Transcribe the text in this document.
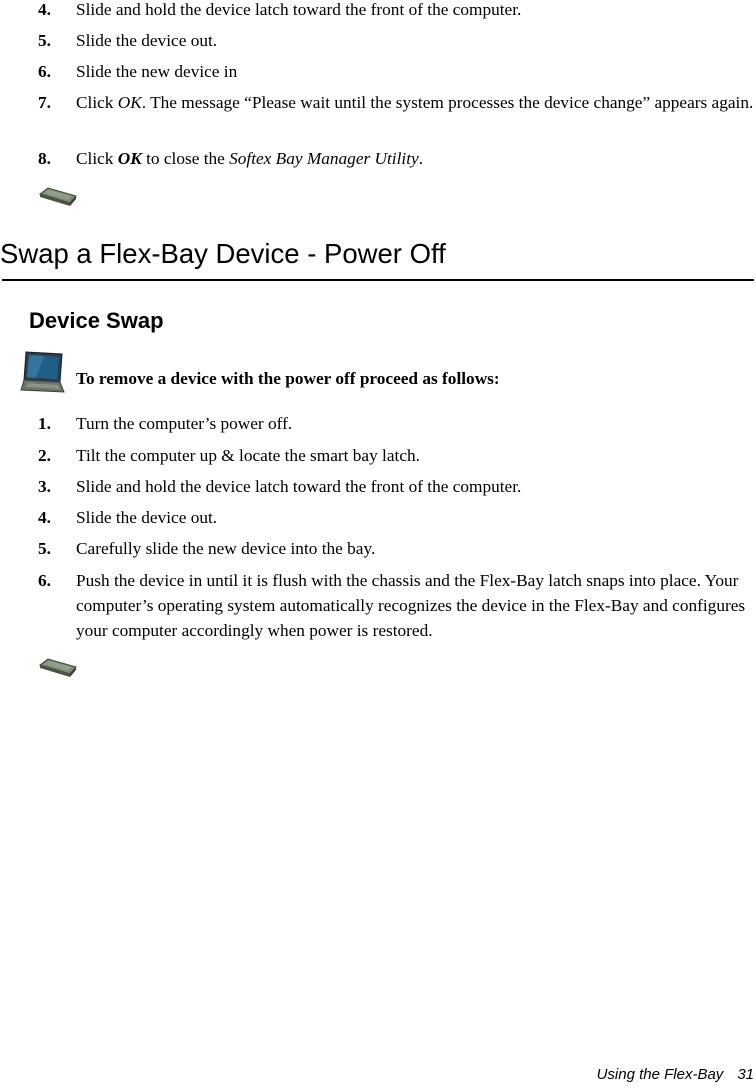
4. Slide and hold the device latch toward the front of the computer.
5. Slide the device out.
6. Slide the new device in
7. Click OK. The message “Please wait until the system processes the device change” appears again.
8. Click OK to close the Softex Bay Manager Utility.
Swap a Flex-Bay Device - Power Off
Device Swap
To remove a device with the power off proceed as follows:
1. Turn the computer’s power off.
2. Tilt the computer up & locate the smart bay latch.
3. Slide and hold the device latch toward the front of the computer.
4. Slide the device out.
5. Carefully slide the new device into the bay.
6. Push the device in until it is flush with the chassis and the Flex-Bay latch snaps into place. Your computer’s operating system automatically recognizes the device in the Flex-Bay and configures your computer accordingly when power is restored.
Using the Flex-Bay 31
